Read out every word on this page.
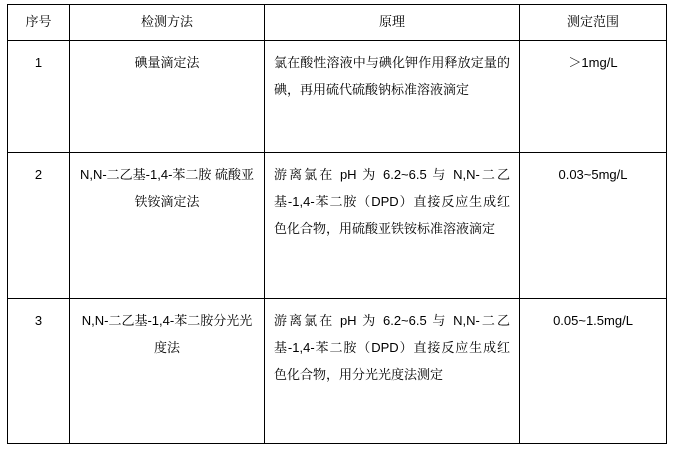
序号	检测方法	原理	测定范围

1	碘量滴定法	氯在酸性溶液中与碘化钾作用释放定量的碘，再用硫代硫酸钠标准溶液滴定	＞1mg/L

2	N,N-二乙基-1,4-苯二胺 硫酸亚铁铵滴定法	游离氯在 pH 为 6.2~6.5 与 N,N-二乙基-1,4-苯二胺（DPD）直接反应生成红色化合物，用硫酸亚铁铵标准溶液滴定	0.03~5mg/L

3	N,N-二乙基-1,4-苯二胺分光光度法	游离氯在 pH 为 6.2~6.5 与 N,N-二乙基-1,4-苯二胺（DPD）直接反应生成红色化合物，用分光光度法测定	0.05~1.5mg/L
